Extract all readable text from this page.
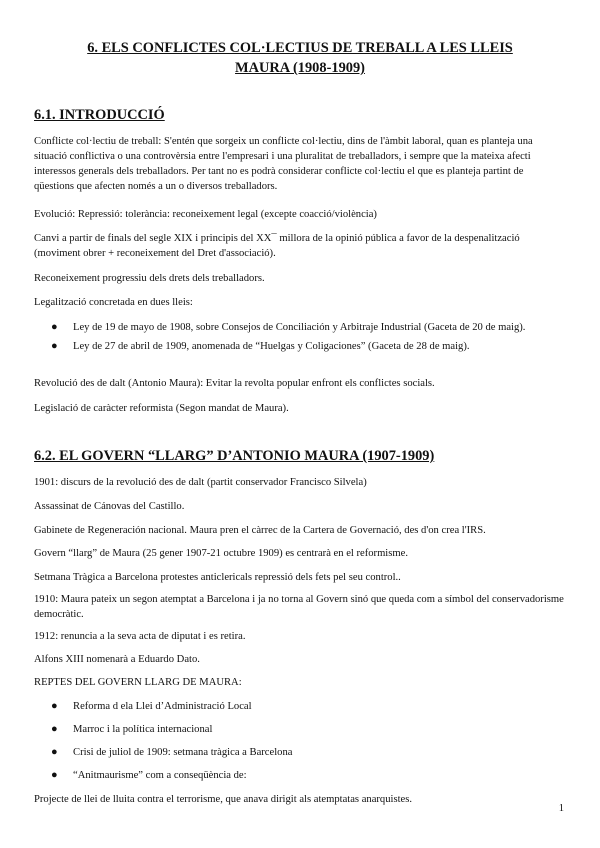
6. ELS CONFLICTES COL·LECTIUS DE TREBALL A LES LLEIS
MAURA (1908-1909)
6.1. INTRODUCCIÓ

Conflicte col·lectiu de treball: S'entén que sorgeix un conflicte col·lectiu, dins de l'àmbit laboral, quan es planteja una situació conflictiva o una controvèrsia entre l'empresari i una pluralitat de treballadors, i sempre que la mateixa afecti interessos generals dels treballadors. Per tant no es podrà considerar conflicte col·lectiu el que es planteja partint de qüestions que afecten només a un o diversos treballadors.

Evolució: Repressió: tolerància: reconeixement legal (excepte coacció/violència)

Canvi a partir de finals del segle XIX i principis del XX¯ millora de la opinió pública a favor de la despenalització (moviment obrer + reconeixement del Dret d'associació).

Reconeixement progressiu dels drets dels treballadors.

Legalització concretada en dues lleis:

● Ley de 19 de mayo de 1908, sobre Consejos de Conciliación y Arbitraje Industrial (Gaceta de 20 de maig).
● Ley de 27 de abril de 1909, anomenada de “Huelgas y Coligaciones” (Gaceta de 28 de maig).

Revolució des de dalt (Antonio Maura): Evitar la revolta popular enfront els conflictes socials.

Legislació de caràcter reformista (Segon mandat de Maura).

6.2. EL GOVERN “LLARG” D’ANTONIO MAURA (1907-1909)

1901: discurs de la revolució des de dalt (partit conservador Francisco Silvela)

Assassinat de Cánovas del Castillo.

Gabinete de Regeneración nacional. Maura pren el càrrec de la Cartera de Governació, des d'on crea l'IRS.

Govern “llarg” de Maura (25 gener 1907-21 octubre 1909) es centrarà en el reformisme.

Setmana Tràgica a Barcelona protestes anticlericals repressió dels fets pel seu control..

1910: Maura pateix un segon atemptat a Barcelona i ja no torna al Govern sinó que queda com a símbol del conservadorisme democràtic.

1912: renuncia a la seva acta de diputat i es retira.

Alfons XIII nomenarà a Eduardo Dato.

REPTES DEL GOVERN LLARG DE MAURA:

● Reforma d ela Llei d’Administració Local
● Marroc i la política internacional
● Crisi de juliol de 1909: setmana tràgica a Barcelona
● “Anitmaurisme” com a conseqüència de:

Projecte de llei de lluita contra el terrorisme, que anava dirigit als atemptatas anarquistes.

1
